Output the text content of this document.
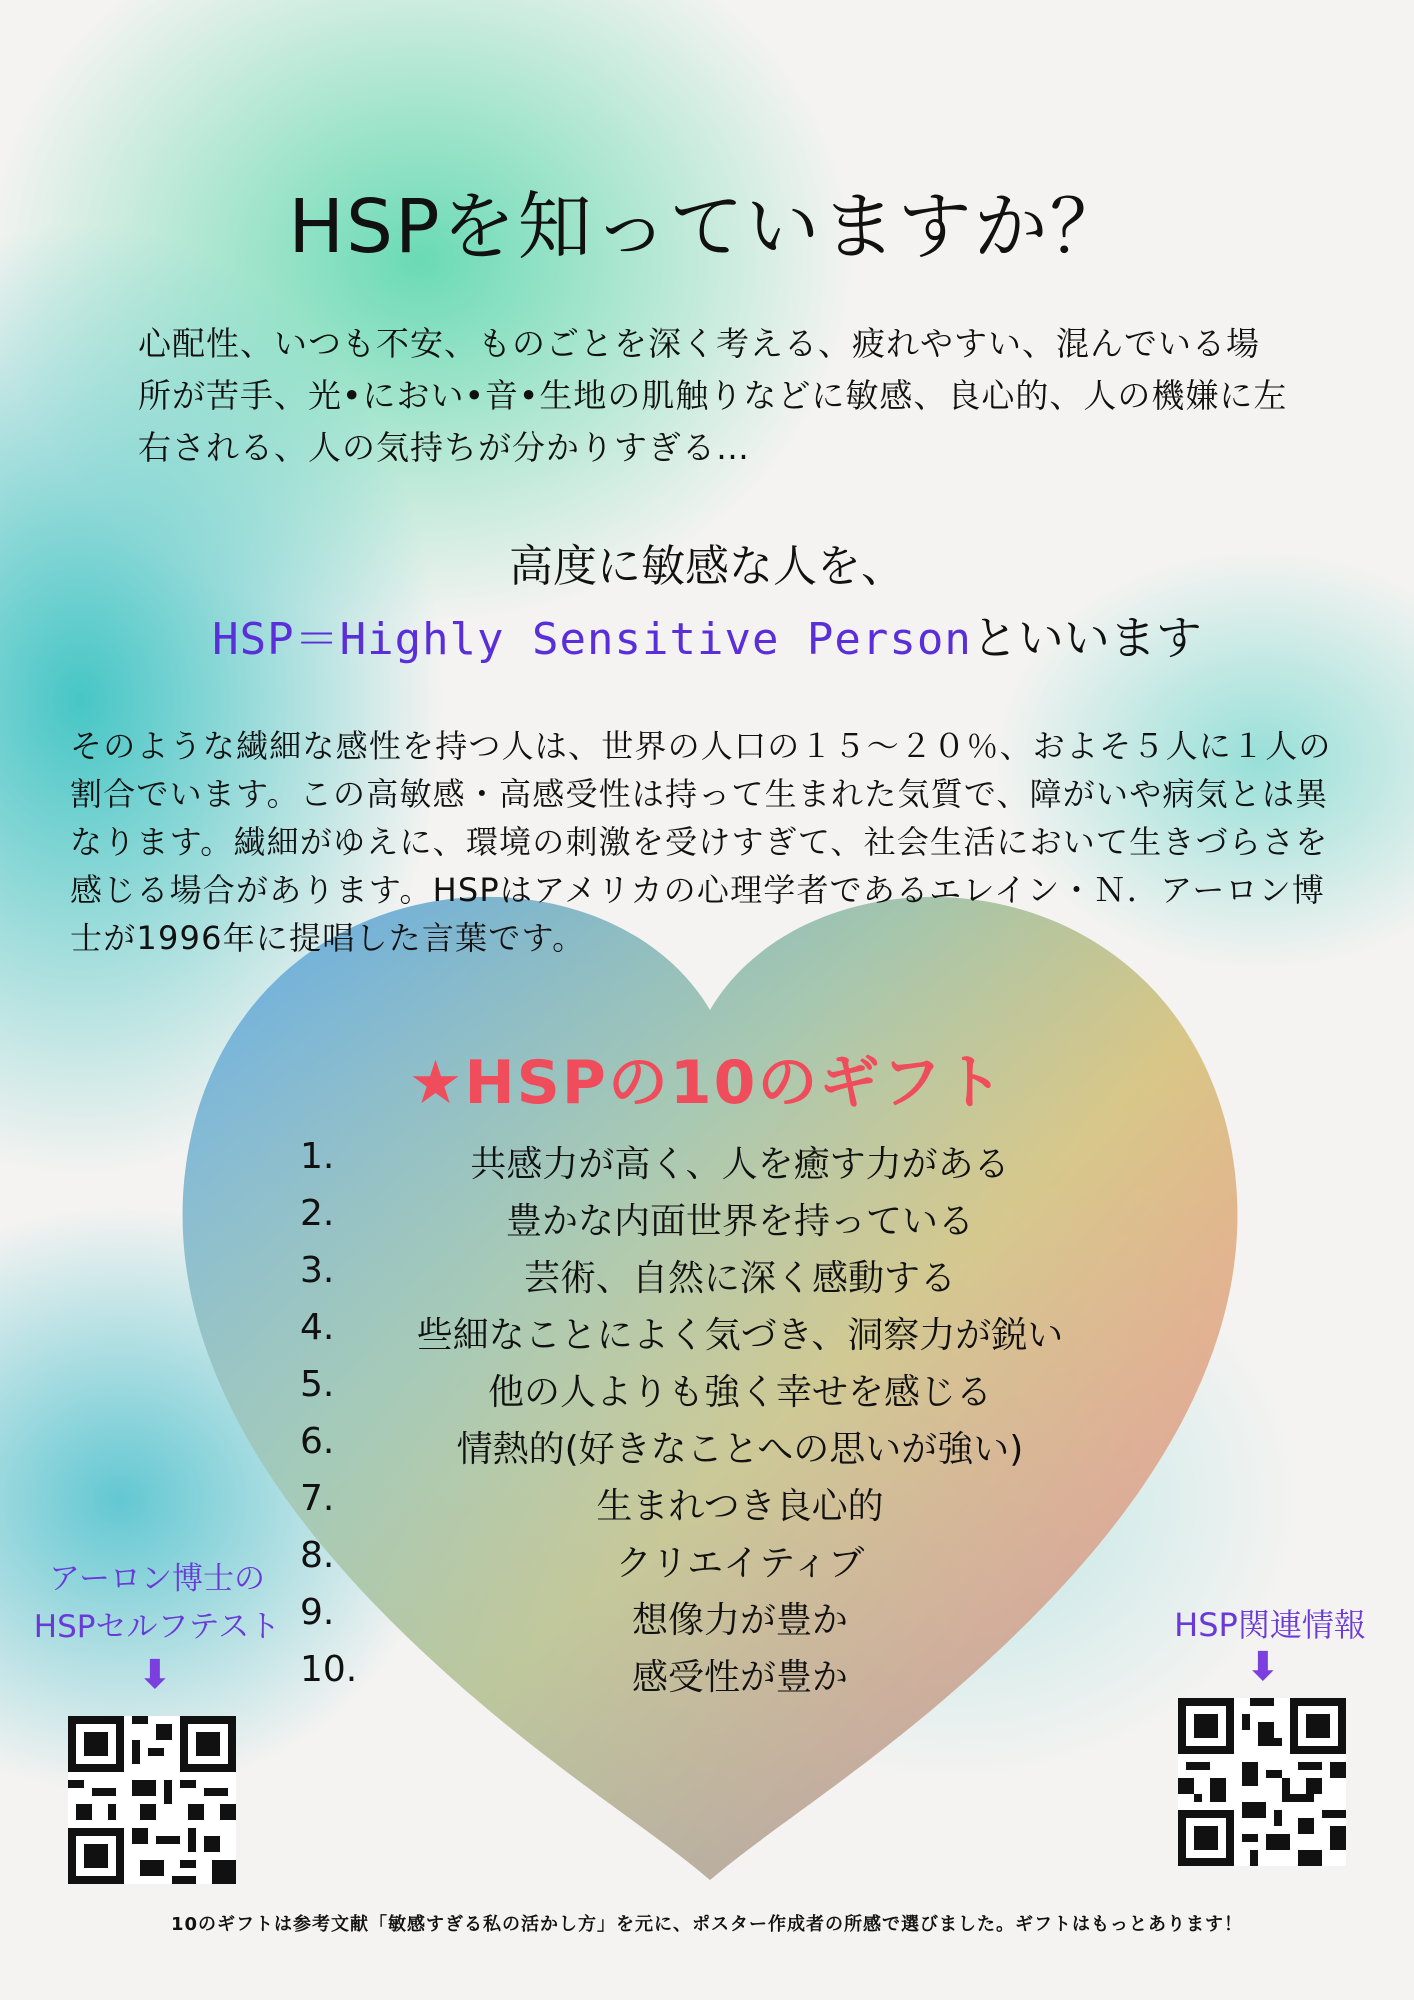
HSPを知っていますか？
心配性、いつも不安、ものごとを深く考える、疲れやすい、混んでいる場所が苦手、光•におい•音•生地の肌触りなどに敏感、良心的、人の機嫌に左右される、人の気持ちが分かりすぎる…
高度に敏感な人を、
HSP＝Highly Sensitive Personといいます
そのような繊細な感性を持つ人は、世界の人口の１５～２０％、およそ５人に１人の割合でいます。この高敏感・高感受性は持って生まれた気質で、障がいや病気とは異なります。繊細がゆえに、環境の刺激を受けすぎて、社会生活において生きづらさを感じる場合があります。HSPはアメリカの心理学者であるエレイン・Ｎ．アーロン博士が1996年に提唱した言葉です。
★HSPの10のギフト
1.	共感力が高く、人を癒す力がある
2.	豊かな内面世界を持っている
3.	芸術、自然に深く感動する
4.	些細なことによく気づき、洞察力が鋭い
5.	他の人よりも強く幸せを感じる
6.	情熱的(好きなことへの思いが強い)
7.	生まれつき良心的
8.	クリエイティブ
9.	想像力が豊か
10.	感受性が豊か
アーロン博士の
HSPセルフテスト
⬇
HSP関連情報
⬇
10のギフトは参考文献「敏感すぎる私の活かし方」を元に、ポスター作成者の所感で選びました。ギフトはもっとあります！
